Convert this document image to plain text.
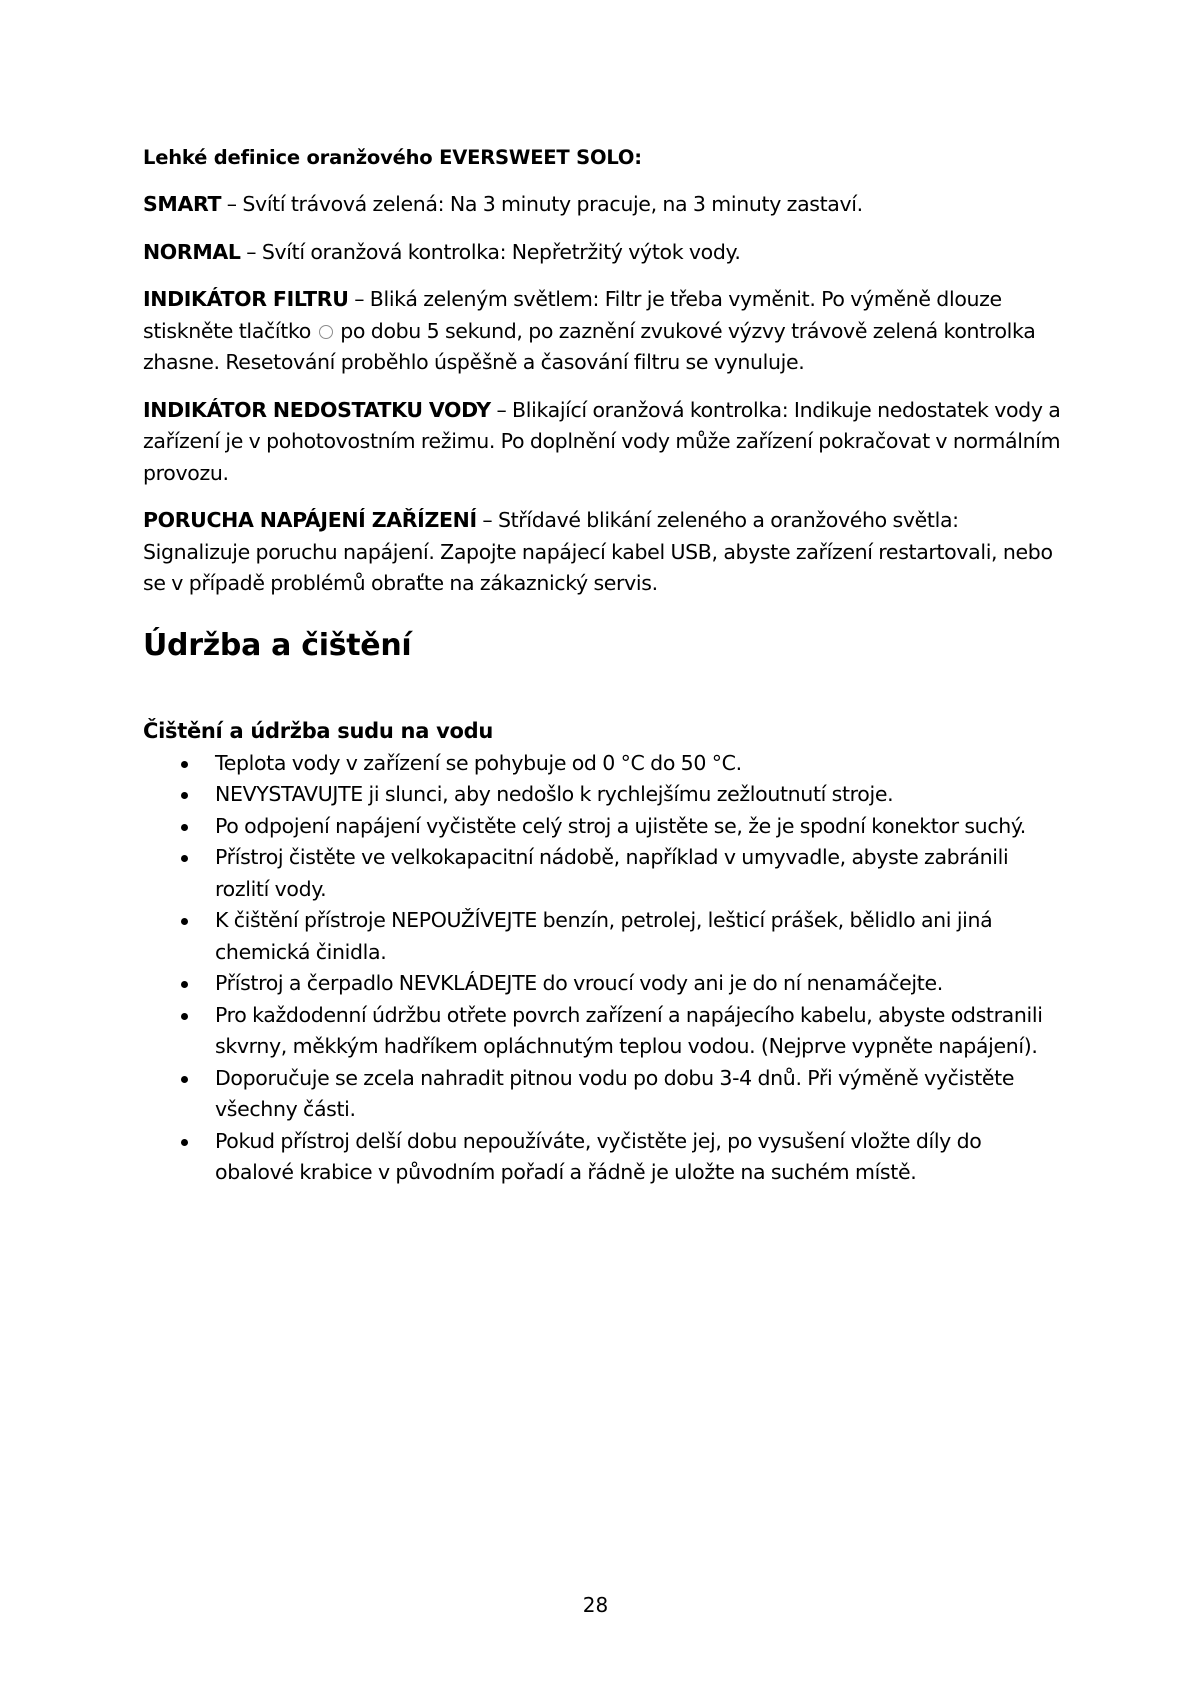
Lehké definice oranžového EVERSWEET SOLO:

SMART – Svítí trávová zelená: Na 3 minuty pracuje, na 3 minuty zastaví.

NORMAL – Svítí oranžová kontrolka: Nepřetržitý výtok vody.

INDIKÁTOR FILTRU – Bliká zeleným světlem: Filtr je třeba vyměnit. Po výměně dlouze stiskněte tlačítko po dobu 5 sekund, po zaznění zvukové výzvy trávově zelená kontrolka zhasne. Resetování proběhlo úspěšně a časování filtru se vynuluje.

INDIKÁTOR NEDOSTATKU VODY – Blikající oranžová kontrolka: Indikuje nedostatek vody a zařízení je v pohotovostním režimu. Po doplnění vody může zařízení pokračovat v normálním provozu.

PORUCHA NAPÁJENÍ ZAŘÍZENÍ – Střídavé blikání zeleného a oranžového světla: Signalizuje poruchu napájení. Zapojte napájecí kabel USB, abyste zařízení restartovali, nebo se v případě problémů obraťte na zákaznický servis.

Údržba a čištění
Čištění a údržba sudu na vodu
Teplota vody v zařízení se pohybuje od 0 °C do 50 °C.
NEVYSTAVUJTE ji slunci, aby nedošlo k rychlejšímu zežloutnutí stroje.
Po odpojení napájení vyčistěte celý stroj a ujistěte se, že je spodní konektor suchý.
Přístroj čistěte ve velkokapacitní nádobě, například v umyvadle, abyste zabránili rozlití vody.
K čištění přístroje NEPOUŽÍVEJTE benzín, petrolej, lešticí prášek, bělidlo ani jiná chemická činidla.
Přístroj a čerpadlo NEVKLÁDEJTE do vroucí vody ani je do ní nenamáčejte.
Pro každodenní údržbu otřete povrch zařízení a napájecího kabelu, abyste odstranili skvrny, měkkým hadříkem opláchnutým teplou vodou. (Nejprve vypněte napájení).
Doporučuje se zcela nahradit pitnou vodu po dobu 3-4 dnů. Při výměně vyčistěte všechny části.
Pokud přístroj delší dobu nepoužíváte, vyčistěte jej, po vysušení vložte díly do obalové krabice v původním pořadí a řádně je uložte na suchém místě.
28
